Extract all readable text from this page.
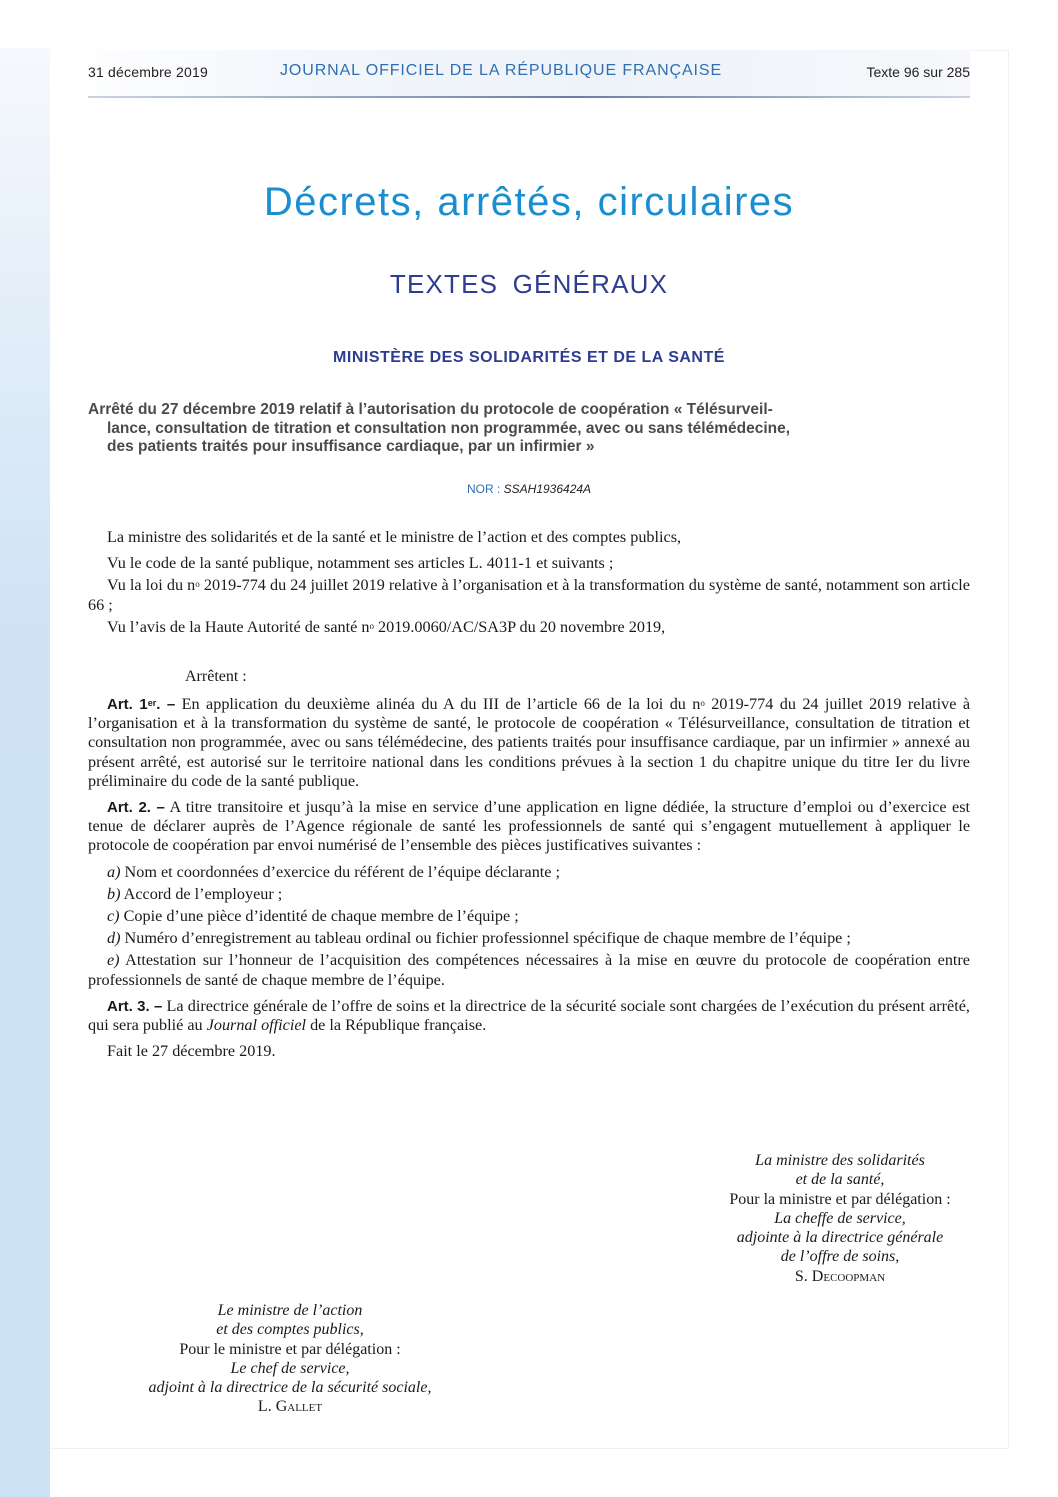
31 décembre 2019	JOURNAL OFFICIEL DE LA RÉPUBLIQUE FRANÇAISE	Texte 96 sur 285
Décrets, arrêtés, circulaires
TEXTES GÉNÉRAUX
MINISTÈRE DES SOLIDARITÉS ET DE LA SANTÉ
Arrêté du 27 décembre 2019 relatif à l’autorisation du protocole de coopération « Télésurveil-
lance, consultation de titration et consultation non programmée, avec ou sans télémédecine,
des patients traités pour insuffisance cardiaque, par un infirmier »
NOR : SSAH1936424A

La ministre des solidarités et de la santé et le ministre de l’action et des comptes publics,

Vu le code de la santé publique, notamment ses articles L. 4011-1 et suivants ;

Vu la loi du $n^o$ 2019-774 du 24 juillet 2019 relative à l’organisation et à la transformation du système de santé, notamment son article 66 ;

Vu l’avis de la Haute Autorité de santé $n^o$ 2019.0060/AC/SA3P du 20 novembre 2019,

Arrêtent :

Art. 1er. – En application du deuxième alinéa du A du III de l’article 66 de la loi du $n^o$ 2019-774 du 24 juillet 2019 relative à l’organisation et à la transformation du système de santé, le protocole de coopération « Télésurveillance, consultation de titration et consultation non programmée, avec ou sans télémédecine, des patients traités pour insuffisance cardiaque, par un infirmier » annexé au présent arrêté, est autorisé sur le territoire national dans les conditions prévues à la section 1 du chapitre unique du titre Ier du livre préliminaire du code de la santé publique.

Art. 2. – A titre transitoire et jusqu’à la mise en service d’une application en ligne dédiée, la structure d’emploi ou d’exercice est tenue de déclarer auprès de l’Agence régionale de santé les professionnels de santé qui s’engagent mutuellement à appliquer le protocole de coopération par envoi numérisé de l’ensemble des pièces justificatives suivantes :

a) Nom et coordonnées d’exercice du référent de l’équipe déclarante ;

b) Accord de l’employeur ;

c) Copie d’une pièce d’identité de chaque membre de l’équipe ;

d) Numéro d’enregistrement au tableau ordinal ou fichier professionnel spécifique de chaque membre de l’équipe ;

e) Attestation sur l’honneur de l’acquisition des compétences nécessaires à la mise en œuvre du protocole de coopération entre professionnels de santé de chaque membre de l’équipe.

Art. 3. – La directrice générale de l’offre de soins et la directrice de la sécurité sociale sont chargées de l’exécution du présent arrêté, qui sera publié au Journal officiel de la République française.

Fait le 27 décembre 2019.

La ministre des solidarités
et de la santé,
Pour la ministre et par délégation :
La cheffe de service,
adjointe à la directrice générale
de l’offre de soins,
S. Decoopman
Le ministre de l’action
et des comptes publics,
Pour le ministre et par délégation :
Le chef de service,
adjoint à la directrice de la sécurité sociale,
L. Gallet
